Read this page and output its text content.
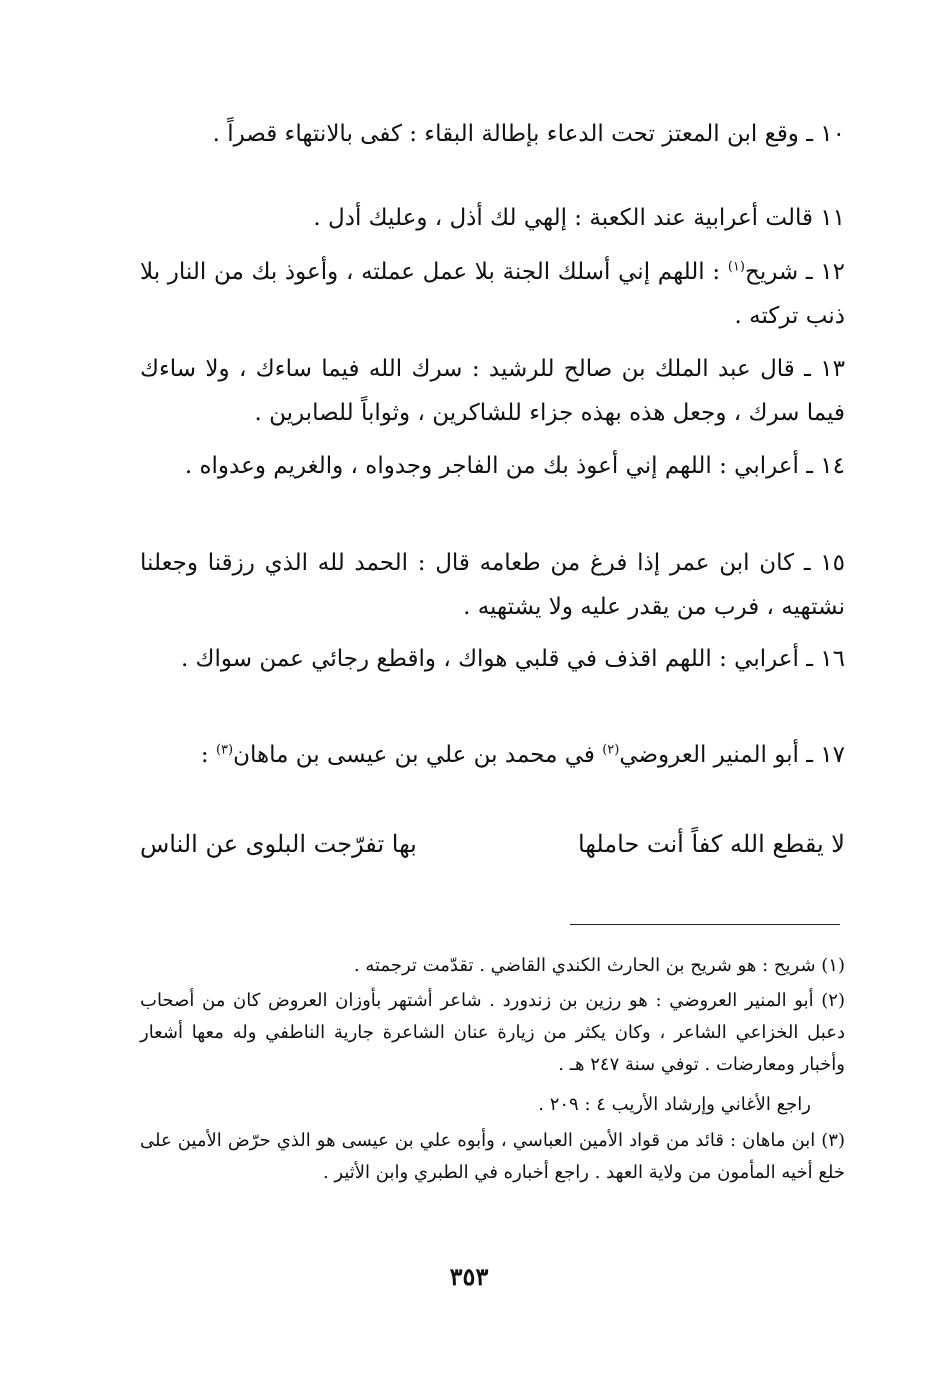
١٠ ـ وقع ابن المعتز تحت الدعاء بإطالة البقاء : كفى بالانتهاء قصراً .
١١ قالت أعرابية عند الكعبة : إلهي لك أذل ، وعليك أدل .
١٢ ـ شريح$^{(١)}$ : اللهم إني أسلك الجنة بلا عمل عملته ، وأعوذ بك من النار بلا ذنب تركته .
١٣ ـ قال عبد الملك بن صالح للرشيد : سرك الله فيما ساءك ، ولا ساءك فيما سرك ، وجعل هذه بهذه جزاء للشاكرين ، وثواباً للصابرين .
١٤ ـ أعرابي : اللهم إني أعوذ بك من الفاجر وجدواه ، والغريم وعدواه .
١٥ ـ كان ابن عمر إذا فرغ من طعامه قال : الحمد لله الذي رزقنا وجعلنا نشتهيه ، فرب من يقدر عليه ولا يشتهيه .
١٦ ـ أعرابي : اللهم اقذف في قلبي هواك ، واقطع رجائي عمن سواك .
١٧ ـ أبو المنير العروضي$^{(٢)}$ في محمد بن علي بن عيسى بن ماهان$^{(٣)}$ :
لا يقطع الله كفاً أنت حاملها
بها تفرّجت البلوى عن الناس
(١) شريح : هو شريح بن الحارث الكندي القاضي . تقدّمت ترجمته .
(٢) أبو المنير العروضي : هو رزين بن زندورد . شاعر أشتهر بأوزان العروض كان من أصحاب دعبل الخزاعي الشاعر ، وكان يكثر من زيارة عنان الشاعرة جارية الناطفي وله معها أشعار وأخبار ومعارضات . توفي سنة ٢٤٧ هـ .
راجع الأغاني وإرشاد الأريب ٤ : ٢٠٩ .
(٣) ابن ماهان : قائد من قواد الأمين العباسي ، وأبوه علي بن عيسى هو الذي حرّض الأمين على خلع أخيه المأمون من ولاية العهد . راجع أخباره في الطبري وابن الأثير .
٣٥٣
